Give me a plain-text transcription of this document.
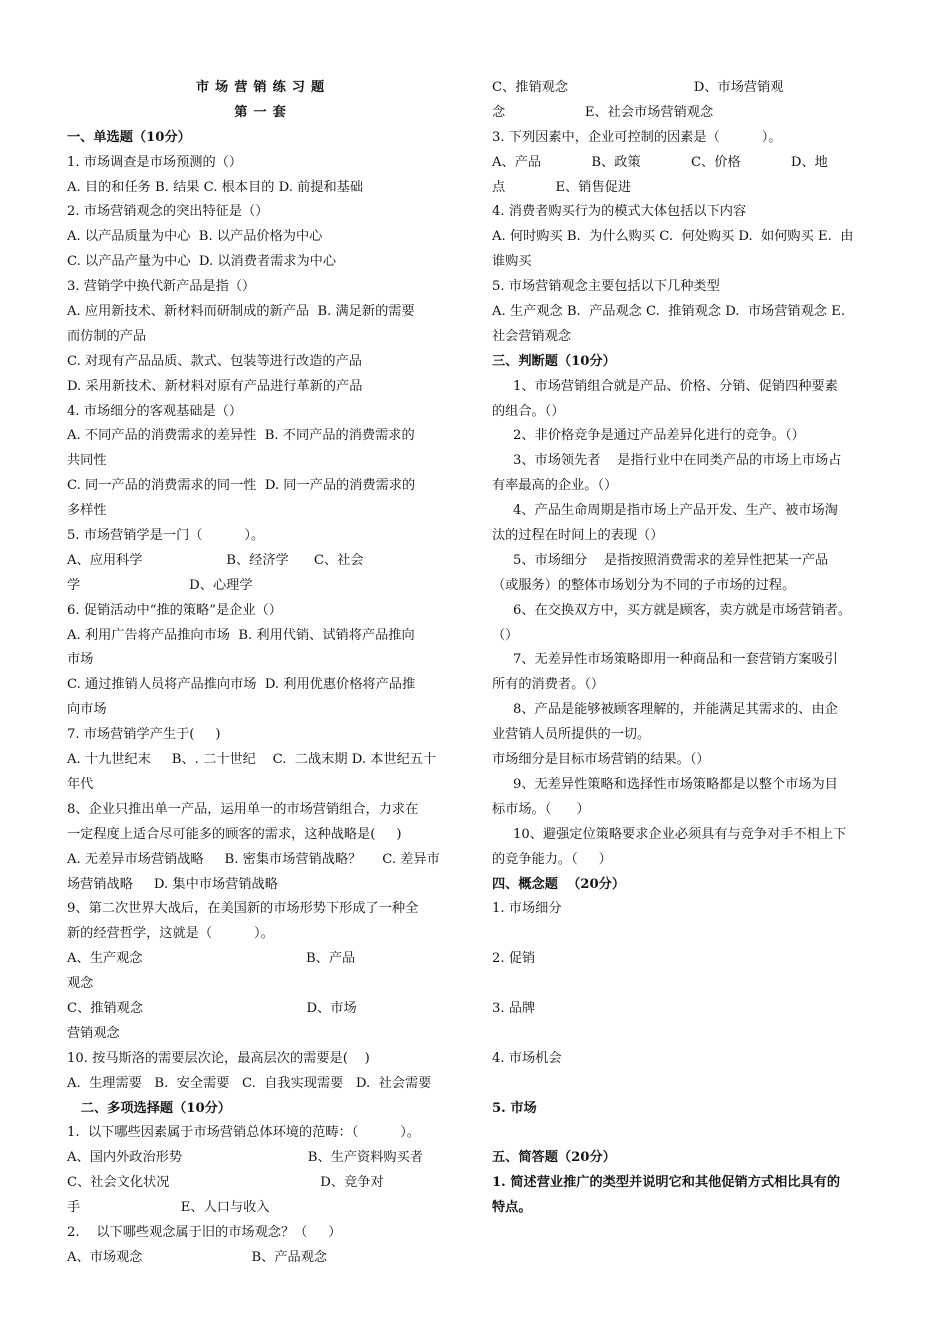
市场营销练习题
第一套
一、单选题（10分）
1. 市场调查是市场预测的（）
A. 目的和任务 B. 结果 C. 根本目的 D. 前提和基础
2. 市场营销观念的突出特征是（）
A. 以产品质量为中心  B. 以产品价格为中心
C. 以产品产量为中心  D. 以消费者需求为中心
3. 营销学中换代新产品是指（）
A. 应用新技术、新材料而研制成的新产品  B. 满足新的需要
而仿制的产品
C. 对现有产品品质、款式、包装等进行改造的产品
D. 采用新技术、新材料对原有产品进行革新的产品
4. 市场细分的客观基础是（）
A. 不同产品的消费需求的差异性  B. 不同产品的消费需求的
共同性
C. 同一产品的消费需求的同一性  D. 同一产品的消费需求的
多样性
5. 市场营销学是一门（          ）。
A、应用科学                    B、经济学      C、社会
学                          D、心理学
6. 促销活动中“推的策略”是企业（）
A. 利用广告将产品推向市场  B. 利用代销、试销将产品推向
市场
C. 通过推销人员将产品推向市场  D. 利用优惠价格将产品推
向市场
7. 市场营销学产生于(     )
A. 十九世纪末     B、. 二十世纪    C.  二战末期 D. 本世纪五十
年代
8、企业只推出单一产品，运用单一的市场营销组合，力求在
一定程度上适合尽可能多的顾客的需求，这种战略是(     )
A. 无差异市场营销战略     B. 密集市场营销战略？     C. 差异市
场营销战略     D. 集中市场营销战略
9、第二次世界大战后，在美国新的市场形势下形成了一种全
新的经营哲学，这就是（          ）。
A、生产观念                                       B、产品
观念
C、推销观念                                       D、市场
营销观念
10. 按马斯洛的需要层次论，最高层次的需要是(    )
A.  生理需要   B.  安全需要   C.  自我实现需要   D.  社会需要
二、多项选择题（10分）
1.  以下哪些因素属于市场营销总体环境的范畴：（          ）。
A、国内外政治形势                              B、生产资料购买者
C、社会文化状况                                    D、竞争对
手                        E、人口与收入
2.    以下哪些观念属于旧的市场观念？（     ）
A、市场观念                          B、产品观念
C、推销观念                              D、市场营销观
念                   E、社会市场营销观念
3. 下列因素中，企业可控制的因素是（          ）。
A、产品            B、政策            C、价格            D、地
点            E、销售促进
4. 消费者购买行为的模式大体包括以下内容
A. 何时购买 B.  为什么购买 C.  何处购买 D.  如何购买 E.  由
谁购买
5. 市场营销观念主要包括以下几种类型
A. 生产观念 B.  产品观念 C.  推销观念 D.  市场营销观念 E.
社会营销观念
三、判断题（10分）
1、市场营销组合就是产品、价格、分销、促销四种要素
的组合。（）
2、非价格竞争是通过产品差异化进行的竞争。（）
3、市场领先者    是指行业中在同类产品的市场上市场占
有率最高的企业。（）
4、产品生命周期是指市场上产品开发、生产、被市场淘
汰的过程在时间上的表现（）
5、市场细分    是指按照消费需求的差异性把某一产品
（或服务）的整体市场划分为不同的子市场的过程。
6、在交换双方中，买方就是顾客，卖方就是市场营销者。
（）
7、无差异性市场策略即用一种商品和一套营销方案吸引
所有的消费者。（）
8、产品是能够被顾客理解的，并能满足其需求的、由企
业营销人员所提供的一切。
市场细分是目标市场营销的结果。（）
9、无差异性策略和选择性市场策略都是以整个市场为目
标市场。（      ）
10、避强定位策略要求企业必须具有与竞争对手不相上下
的竞争能力。（     ）
四、概念题  （20分）
1. 市场细分
2. 促销
3. 品牌
4. 市场机会
5. 市场
五、简答题（20分）
1. 简述营业推广的类型并说明它和其他促销方式相比具有的
特点。
